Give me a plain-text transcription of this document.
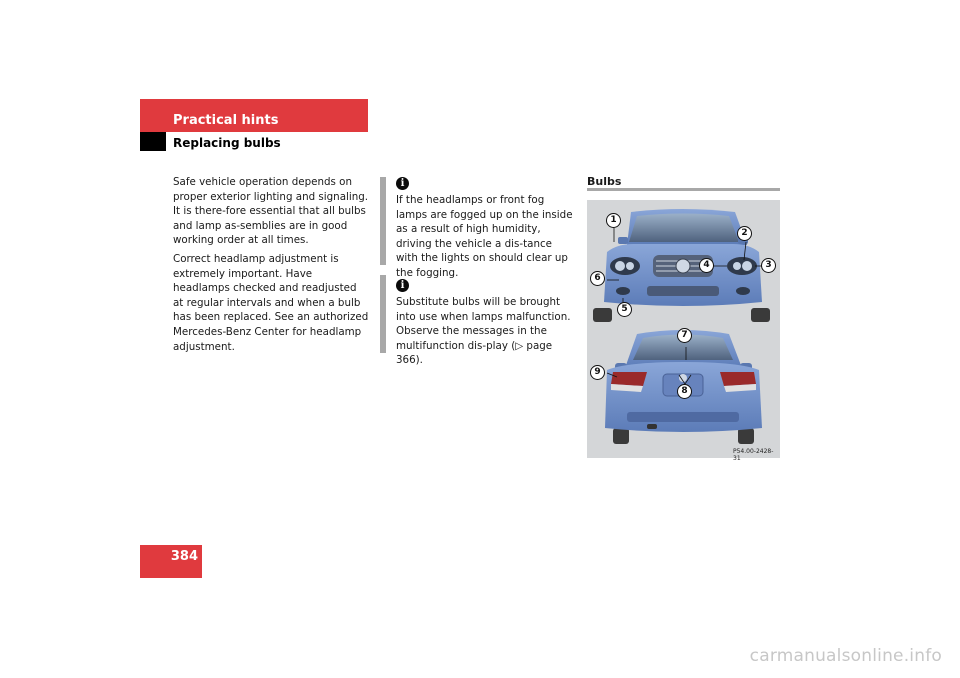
Practical hints
Replacing bulbs

Safe vehicle operation depends on proper exterior lighting and signaling. It is there-fore essential that all bulbs and lamp as-semblies are in good working order at all times.

Correct headlamp adjustment is extremely important. Have headlamps checked and readjusted at regular intervals and when a bulb has been replaced. See an authorized Mercedes-Benz Center for headlamp adjustment.

i

If the headlamps or front fog lamps are fogged up on the inside as a result of high humidity, driving the vehicle a dis-tance with the lights on should clear up the fogging.

i

Substitute bulbs will be brought into use when lamps malfunction. Observe the messages in the multifunction dis-play (▷ page 366).

Bulbs
P54.00-2428-31
1
2
3
4
5
6
7
8
9
384
carmanualsonline.info
